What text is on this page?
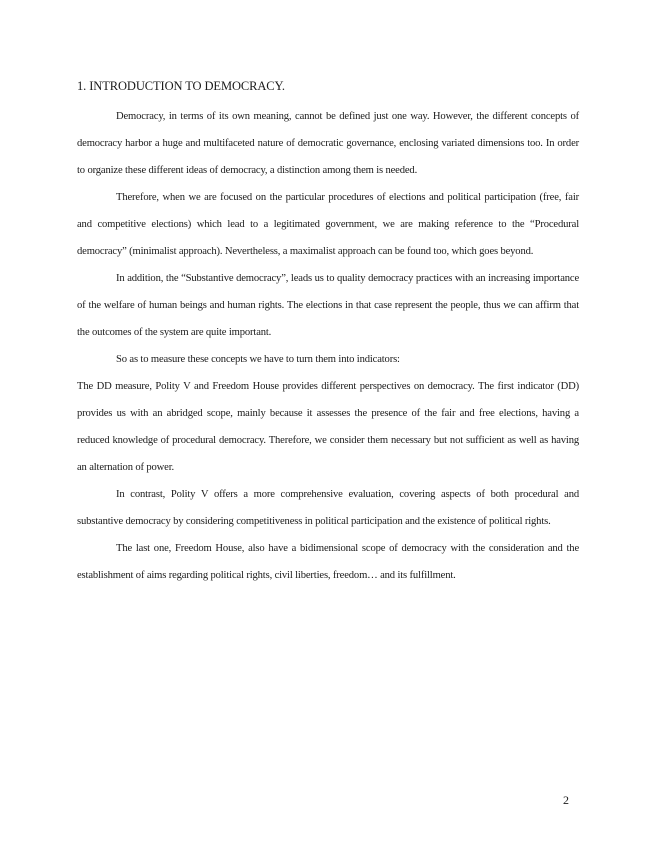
1. INTRODUCTION TO DEMOCRACY.

Democracy, in terms of its own meaning, cannot be defined just one way. However, the different concepts of democracy harbor a huge and multifaceted nature of democratic governance, enclosing variated dimensions too. In order to organize these different ideas of democracy, a distinction among them is needed.

Therefore, when we are focused on the particular procedures of elections and political participation (free, fair and competitive elections) which lead to a legitimated government, we are making reference to the “Procedural democracy” (minimalist approach). Nevertheless, a maximalist approach can be found too, which goes beyond.

In addition, the “Substantive democracy”, leads us to quality democracy practices with an increasing importance of the welfare of human beings and human rights. The elections in that case represent the people, thus we can affirm that the outcomes of the system are quite important.

So as to measure these concepts we have to turn them into indicators:

The DD measure, Polity V and Freedom House provides different perspectives on democracy. The first indicator (DD) provides us with an abridged scope, mainly because it assesses the presence of the fair and free elections, having a reduced knowledge of procedural democracy. Therefore, we consider them necessary but not sufficient as well as having an alternation of power.

In contrast, Polity V offers a more comprehensive evaluation, covering aspects of both procedural and substantive democracy by considering competitiveness in political participation and the existence of political rights.

The last one, Freedom House, also have a bidimensional scope of democracy with the consideration and the establishment of aims regarding political rights, civil liberties, freedom… and its fulfillment.

2
